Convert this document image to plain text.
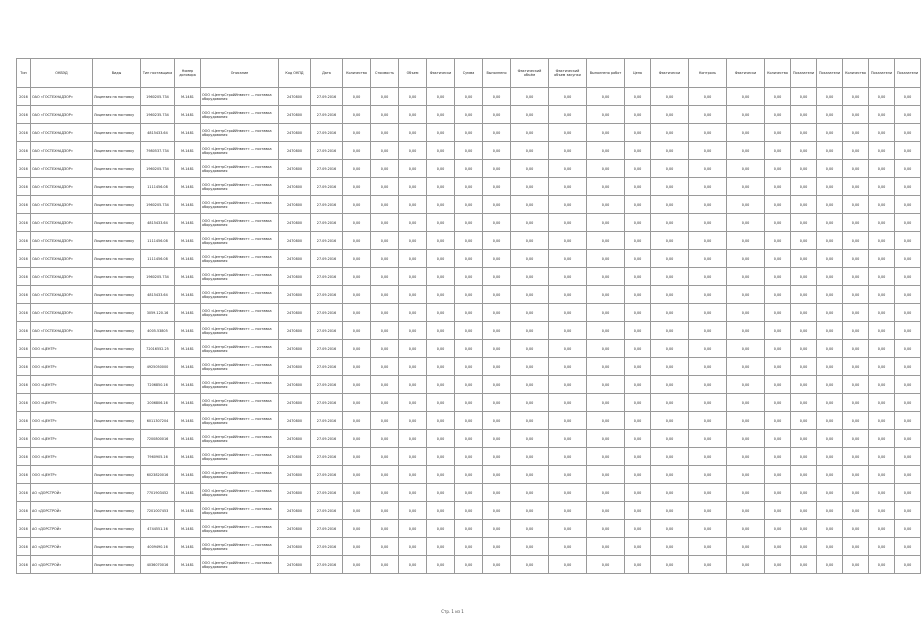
Тип	ОКВЭД	Виды	Тип поставщика	Номер договора	Описание	Код ОКПД	Дата	Количество	Стоимость	Объем	Фактически	Сумма	Выполнено	Фактический объём	Фактический объем закупки	Выполнено работ	Цена	Фактически	Контроль	Фактически	Количество	Показатели	Показатели	Количество	Показатели	Показатели
2016	ОАО «ГОСТЕХНАДЗОР»	Лицензия на поставку	1960205.734	М-1481	ООО «ЦентрСтройИнвест» — поставка оборудования	2470800	27.09.2016	0,00	0,00	0,00	0,00	0,00	0,00	0,00	0,00	0,00	0,00	0,00	0,00	0,00	0,00	0,00	0,00	0,00	0,00	0,00
2016	ОАО «ГОСТЕХНАДЗОР»	Лицензия на поставку	1960235.734	М-1481	ООО «ЦентрСтройИнвест» — поставка оборудования	2470800	27.09.2016	0,00	0,00	0,00	0,00	0,00	0,00	0,00	0,00	0,00	0,00	0,00	0,00	0,00	0,00	0,00	0,00	0,00	0,00	0,00
2016	ОАО «ГОСТЕХНАДЗОР»	Лицензия на поставку	4815433.64	М-1481	ООО «ЦентрСтройИнвест» — поставка оборудования	2470800	27.09.2016	0,00	0,00	0,00	0,00	0,00	0,00	0,00	0,00	0,00	0,00	0,00	0,00	0,00	0,00	0,00	0,00	0,00	0,00	0,00
2016	ОАО «ГОСТЕХНАДЗОР»	Лицензия на поставку	7980537.734	М-1481	ООО «ЦентрСтройИнвест» — поставка оборудования	2470800	27.09.2016	0,00	0,00	0,00	0,00	0,00	0,00	0,00	0,00	0,00	0,00	0,00	0,00	0,00	0,00	0,00	0,00	0,00	0,00	0,00
2016	ОАО «ГОСТЕХНАДЗОР»	Лицензия на поставку	1960205.734	М-1481	ООО «ЦентрСтройИнвест» — поставка оборудования	2470800	27.09.2016	0,00	0,00	0,00	0,00	0,00	0,00	0,00	0,00	0,00	0,00	0,00	0,00	0,00	0,00	0,00	0,00	0,00	0,00	0,00
2016	ОАО «ГОСТЕХНАДЗОР»	Лицензия на поставку	1111456.08	М-1481	ООО «ЦентрСтройИнвест» — поставка оборудования	2470800	27.09.2016	0,00	0,00	0,00	0,00	0,00	0,00	0,00	0,00	0,00	0,00	0,00	0,00	0,00	0,00	0,00	0,00	0,00	0,00	0,00
2016	ОАО «ГОСТЕХНАДЗОР»	Лицензия на поставку	1960205.734	М-1481	ООО «ЦентрСтройИнвест» — поставка оборудования	2470800	27.09.2016	0,00	0,00	0,00	0,00	0,00	0,00	0,00	0,00	0,00	0,00	0,00	0,00	0,00	0,00	0,00	0,00	0,00	0,00	0,00
2016	ОАО «ГОСТЕХНАДЗОР»	Лицензия на поставку	4815433.64	М-1481	ООО «ЦентрСтройИнвест» — поставка оборудования	2470800	27.09.2016	0,00	0,00	0,00	0,00	0,00	0,00	0,00	0,00	0,00	0,00	0,00	0,00	0,00	0,00	0,00	0,00	0,00	0,00	0,00
2016	ОАО «ГОСТЕХНАДЗОР»	Лицензия на поставку	1111456.08	М-1481	ООО «ЦентрСтройИнвест» — поставка оборудования	2470800	27.09.2016	0,00	0,00	0,00	0,00	0,00	0,00	0,00	0,00	0,00	0,00	0,00	0,00	0,00	0,00	0,00	0,00	0,00	0,00	0,00
2016	ОАО «ГОСТЕХНАДЗОР»	Лицензия на поставку	1111456.08	М-1481	ООО «ЦентрСтройИнвест» — поставка оборудования	2470800	27.09.2016	0,00	0,00	0,00	0,00	0,00	0,00	0,00	0,00	0,00	0,00	0,00	0,00	0,00	0,00	0,00	0,00	0,00	0,00	0,00
2016	ОАО «ГОСТЕХНАДЗОР»	Лицензия на поставку	1960205.734	М-1481	ООО «ЦентрСтройИнвест» — поставка оборудования	2470800	27.09.2016	0,00	0,00	0,00	0,00	0,00	0,00	0,00	0,00	0,00	0,00	0,00	0,00	0,00	0,00	0,00	0,00	0,00	0,00	0,00
2016	ОАО «ГОСТЕХНАДЗОР»	Лицензия на поставку	4815433.64	М-1481	ООО «ЦентрСтройИнвест» — поставка оборудования	2470800	27.09.2016	0,00	0,00	0,00	0,00	0,00	0,00	0,00	0,00	0,00	0,00	0,00	0,00	0,00	0,00	0,00	0,00	0,00	0,00	0,00
2016	ОАО «ГОСТЕХНАДЗОР»	Лицензия на поставку	3059.120.16	М-1481	ООО «ЦентрСтройИнвест» — поставка оборудования	2470800	27.09.2016	0,00	0,00	0,00	0,00	0,00	0,00	0,00	0,00	0,00	0,00	0,00	0,00	0,00	0,00	0,00	0,00	0,00	0,00	0,00
2016	ОАО «ГОСТЕХНАДЗОР»	Лицензия на поставку	4005.53805	М-1481	ООО «ЦентрСтройИнвест» — поставка оборудования	2470800	27.09.2016	0,00	0,00	0,00	0,00	0,00	0,00	0,00	0,00	0,00	0,00	0,00	0,00	0,00	0,00	0,00	0,00	0,00	0,00	0,00
2016	ООО «ЦЕНТР»	Лицензия на поставку	72016552.25	М-1481	ООО «ЦентрСтройИнвест» — поставка оборудования	2470800	27.09.2016	0,00	0,00	0,00	0,00	0,00	0,00	0,00	0,00	0,00	0,00	0,00	0,00	0,00	0,00	0,00	0,00	0,00	0,00	0,00
2016	ООО «ЦЕНТР»	Лицензия на поставку	4925050000	М-1481	ООО «ЦентрСтройИнвест» — поставка оборудования	2470800	27.09.2016	0,00	0,00	0,00	0,00	0,00	0,00	0,00	0,00	0,00	0,00	0,00	0,00	0,00	0,00	0,00	0,00	0,00	0,00	0,00
2016	ООО «ЦЕНТР»	Лицензия на поставку	7206850.16	М-1481	ООО «ЦентрСтройИнвест» — поставка оборудования	2470800	27.09.2016	0,00	0,00	0,00	0,00	0,00	0,00	0,00	0,00	0,00	0,00	0,00	0,00	0,00	0,00	0,00	0,00	0,00	0,00	0,00
2016	ООО «ЦЕНТР»	Лицензия на поставку	2006806.16	М-1481	ООО «ЦентрСтройИнвест» — поставка оборудования	2470800	27.09.2016	0,00	0,00	0,00	0,00	0,00	0,00	0,00	0,00	0,00	0,00	0,00	0,00	0,00	0,00	0,00	0,00	0,00	0,00	0,00
2016	ООО «ЦЕНТР»	Лицензия на поставку	6011307204	М-1481	ООО «ЦентрСтройИнвест» — поставка оборудования	2470800	27.09.2016	0,00	0,00	0,00	0,00	0,00	0,00	0,00	0,00	0,00	0,00	0,00	0,00	0,00	0,00	0,00	0,00	0,00	0,00	0,00
2016	ООО «ЦЕНТР»	Лицензия на поставку	7200800016	М-1481	ООО «ЦентрСтройИнвест» — поставка оборудования	2470800	27.09.2016	0,00	0,00	0,00	0,00	0,00	0,00	0,00	0,00	0,00	0,00	0,00	0,00	0,00	0,00	0,00	0,00	0,00	0,00	0,00
2016	ООО «ЦЕНТР»	Лицензия на поставку	7960905.16	М-1481	ООО «ЦентрСтройИнвест» — поставка оборудования	2470800	27.09.2016	0,00	0,00	0,00	0,00	0,00	0,00	0,00	0,00	0,00	0,00	0,00	0,00	0,00	0,00	0,00	0,00	0,00	0,00	0,00
2016	ООО «ЦЕНТР»	Лицензия на поставку	6023820016	М-1481	ООО «ЦентрСтройИнвест» — поставка оборудования	2470800	27.09.2016	0,00	0,00	0,00	0,00	0,00	0,00	0,00	0,00	0,00	0,00	0,00	0,00	0,00	0,00	0,00	0,00	0,00	0,00	0,00
2016	АО «ДОРСТРОЙ»	Лицензия на поставку	7701903452	М-1481	ООО «ЦентрСтройИнвест» — поставка оборудования	2470800	27.09.2016	0,00	0,00	0,00	0,00	0,00	0,00	0,00	0,00	0,00	0,00	0,00	0,00	0,00	0,00	0,00	0,00	0,00	0,00	0,00
2016	АО «ДОРСТРОЙ»	Лицензия на поставку	7201007453	М-1481	ООО «ЦентрСтройИнвест» — поставка оборудования	2470800	27.09.2016	0,00	0,00	0,00	0,00	0,00	0,00	0,00	0,00	0,00	0,00	0,00	0,00	0,00	0,00	0,00	0,00	0,00	0,00	0,00
2016	АО «ДОРСТРОЙ»	Лицензия на поставку	4744551.16	М-1481	ООО «ЦентрСтройИнвест» — поставка оборудования	2470800	27.09.2016	0,00	0,00	0,00	0,00	0,00	0,00	0,00	0,00	0,00	0,00	0,00	0,00	0,00	0,00	0,00	0,00	0,00	0,00	0,00
2016	АО «ДОРСТРОЙ»	Лицензия на поставку	4009490.16	М-1481	ООО «ЦентрСтройИнвест» — поставка оборудования	2470800	27.09.2016	0,00	0,00	0,00	0,00	0,00	0,00	0,00	0,00	0,00	0,00	0,00	0,00	0,00	0,00	0,00	0,00	0,00	0,00	0,00
2016	АО «ДОРСТРОЙ»	Лицензия на поставку	4036070016	М-1481	ООО «ЦентрСтройИнвест» — поставка оборудования	2470800	27.09.2016	0,00	0,00	0,00	0,00	0,00	0,00	0,00	0,00	0,00	0,00	0,00	0,00	0,00	0,00	0,00	0,00	0,00	0,00	0,00
Стр. 1 из 1
